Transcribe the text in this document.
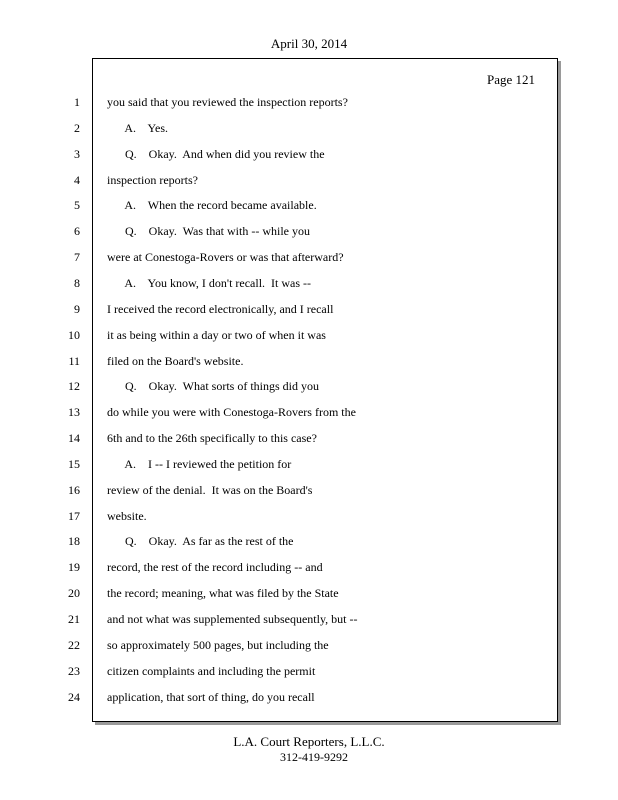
April 30, 2014
Page 121
1 you said that you reviewed the inspection reports?
2 A.    Yes.
3 Q.    Okay.  And when did you review the
4 inspection reports?
5 A.    When the record became available.
6 Q.    Okay.  Was that with -- while you
7 were at Conestoga-Rovers or was that afterward?
8 A.    You know, I don't recall.  It was --
9 I received the record electronically, and I recall
10 it as being within a day or two of when it was
11 filed on the Board's website.
12 Q.    Okay.  What sorts of things did you
13 do while you were with Conestoga-Rovers from the
14 6th and to the 26th specifically to this case?
15 A.    I -- I reviewed the petition for
16 review of the denial.  It was on the Board's
17 website.
18 Q.    Okay.  As far as the rest of the
19 record, the rest of the record including -- and
20 the record; meaning, what was filed by the State
21 and not what was supplemented subsequently, but --
22 so approximately 500 pages, but including the
23 citizen complaints and including the permit
24 application, that sort of thing, do you recall
L.A. Court Reporters, L.L.C.
312-419-9292
